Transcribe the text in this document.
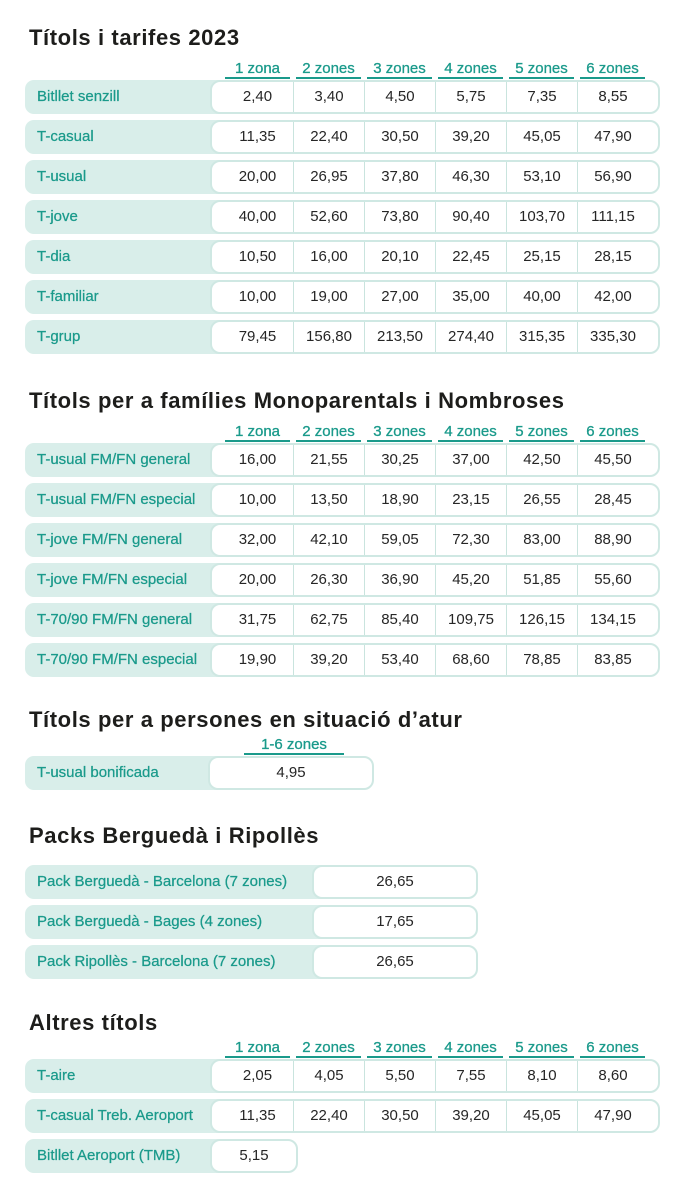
Títols i tarifes 2023
1 zona	2 zones	3 zones	4 zones	5 zones	6 zones
Bitllet senzill	2,40	3,40	4,50	5,75	7,35	8,55
T-casual	11,35	22,40	30,50	39,20	45,05	47,90
T-usual	20,00	26,95	37,80	46,30	53,10	56,90
T-jove	40,00	52,60	73,80	90,40	103,70	111,15
T-dia	10,50	16,00	20,10	22,45	25,15	28,15
T-familiar	10,00	19,00	27,00	35,00	40,00	42,00
T-grup	79,45	156,80	213,50	274,40	315,35	335,30
Títols per a famílies Monoparentals i Nombroses
1 zona	2 zones	3 zones	4 zones	5 zones	6 zones
T-usual FM/FN general	16,00	21,55	30,25	37,00	42,50	45,50
T-usual FM/FN especial	10,00	13,50	18,90	23,15	26,55	28,45
T-jove FM/FN general	32,00	42,10	59,05	72,30	83,00	88,90
T-jove FM/FN especial	20,00	26,30	36,90	45,20	51,85	55,60
T-70/90 FM/FN general	31,75	62,75	85,40	109,75	126,15	134,15
T-70/90 FM/FN especial	19,90	39,20	53,40	68,60	78,85	83,85
Títols per a persones en situació d’atur
1-6 zones
T-usual bonificada	4,95
Packs Berguedà i Ripollès
Pack Berguedà - Barcelona (7 zones)	26,65
Pack Berguedà - Bages (4 zones)	17,65
Pack Ripollès - Barcelona (7 zones)	26,65
Altres títols
1 zona	2 zones	3 zones	4 zones	5 zones	6 zones
T-aire	2,05	4,05	5,50	7,55	8,10	8,60
T-casual Treb. Aeroport	11,35	22,40	30,50	39,20	45,05	47,90
Bitllet Aeroport (TMB)	5,15
